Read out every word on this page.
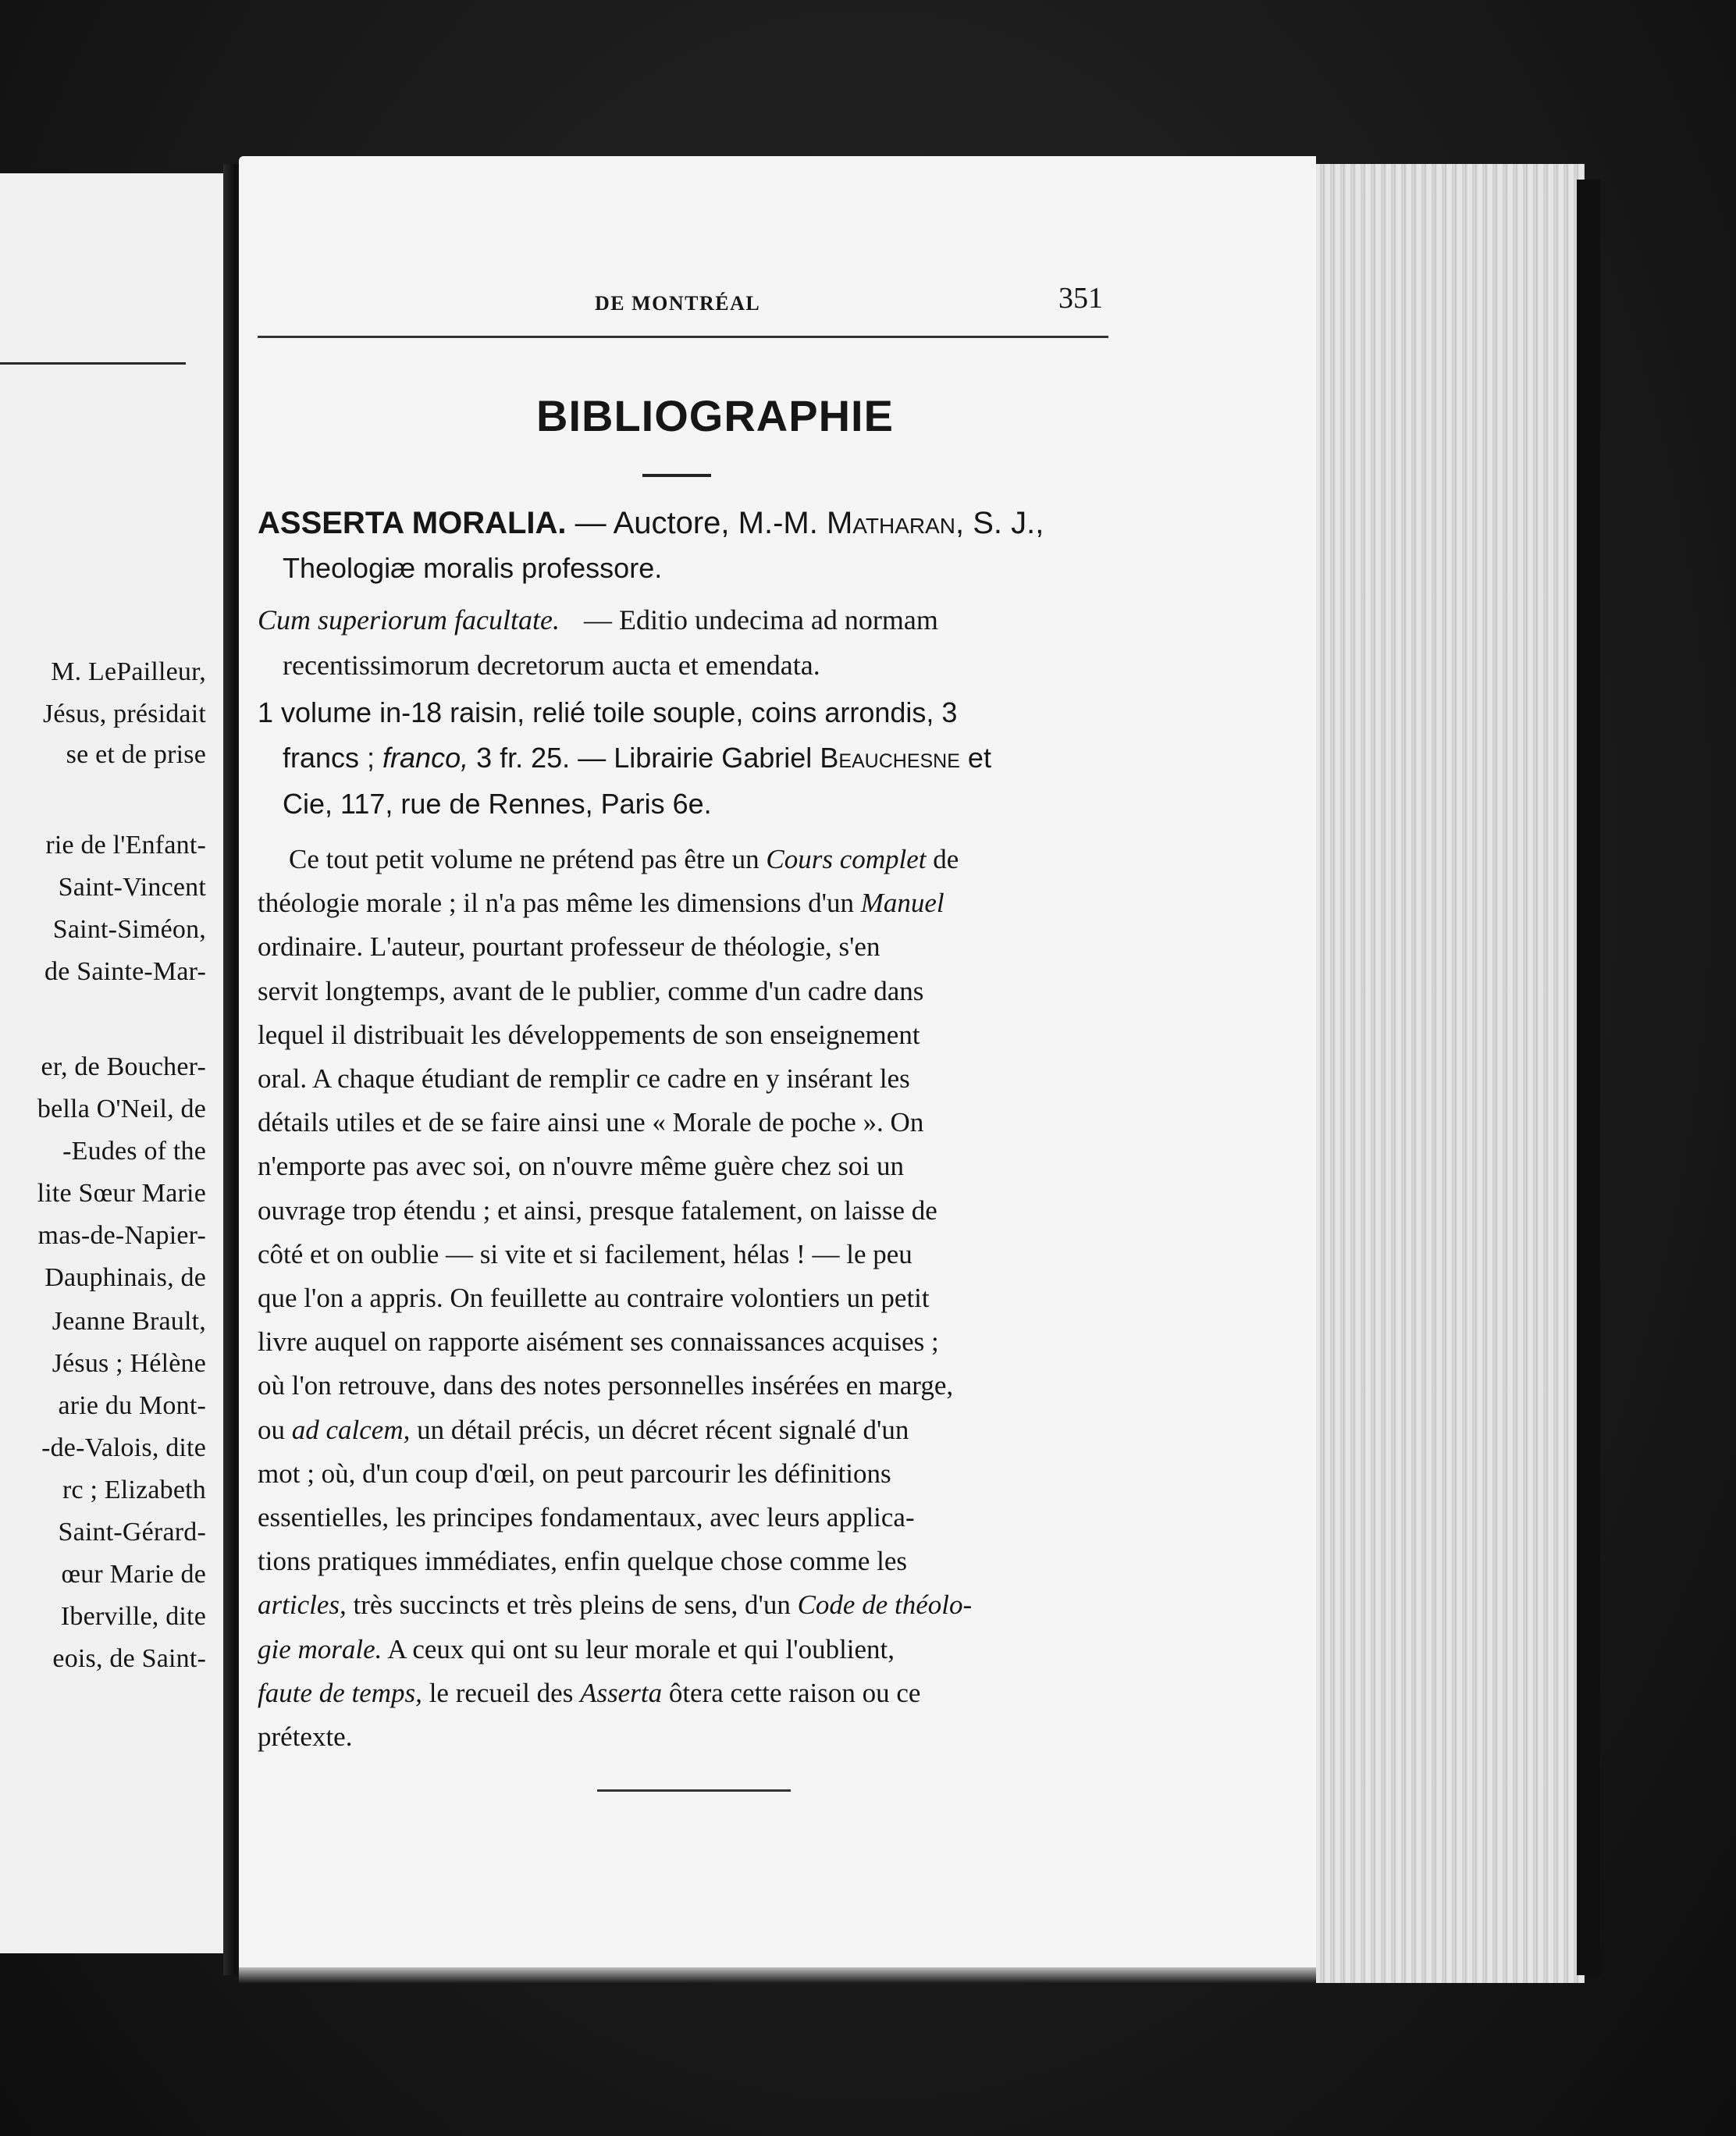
M. LePailleur,
Jésus, présidait
se et de prise
rie de l'Enfant-
Saint-Vincent
Saint-Siméon,
de Sainte-Mar-
er, de Boucher-
bella O'Neil, de
-Eudes of the
lite Sœur Marie
mas-de-Napier-
Dauphinais, de
Jeanne Brault,
Jésus ; Hélène
arie du Mont-
-de-Valois, dite
rc ; Elizabeth
Saint-Gérard-
œur Marie de
Iberville, dite
eois, de Saint-
DE MONTRÉAL	351
BIBLIOGRAPHIE
ASSERTA MORALIA. — Auctore, M.-M. Matharan, S. J.,
Theologiæ moralis professore.
Cum superiorum facultate. — Editio undecima ad normam
recentissimorum decretorum aucta et emendata.
1 volume in-18 raisin, relié toile souple, coins arrondis, 3
francs ; franco, 3 fr. 25. — Librairie Gabriel Beauchesne et
Cie, 117, rue de Rennes, Paris 6e.
Ce tout petit volume ne prétend pas être un Cours complet de
théologie morale ; il n'a pas même les dimensions d'un Manuel
ordinaire. L'auteur, pourtant professeur de théologie, s'en
servit longtemps, avant de le publier, comme d'un cadre dans
lequel il distribuait les développements de son enseignement
oral. A chaque étudiant de remplir ce cadre en y insérant les
détails utiles et de se faire ainsi une « Morale de poche ». On
n'emporte pas avec soi, on n'ouvre même guère chez soi un
ouvrage trop étendu ; et ainsi, presque fatalement, on laisse de
côté et on oublie — si vite et si facilement, hélas ! — le peu
que l'on a appris. On feuillette au contraire volontiers un petit
livre auquel on rapporte aisément ses connaissances acquises ;
où l'on retrouve, dans des notes personnelles insérées en marge,
ou ad calcem, un détail précis, un décret récent signalé d'un
mot ; où, d'un coup d'œil, on peut parcourir les définitions
essentielles, les principes fondamentaux, avec leurs applica-
tions pratiques immédiates, enfin quelque chose comme les
articles, très succincts et très pleins de sens, d'un Code de théolo-
gie morale. A ceux qui ont su leur morale et qui l'oublient,
faute de temps, le recueil des Asserta ôtera cette raison ou ce
prétexte.
